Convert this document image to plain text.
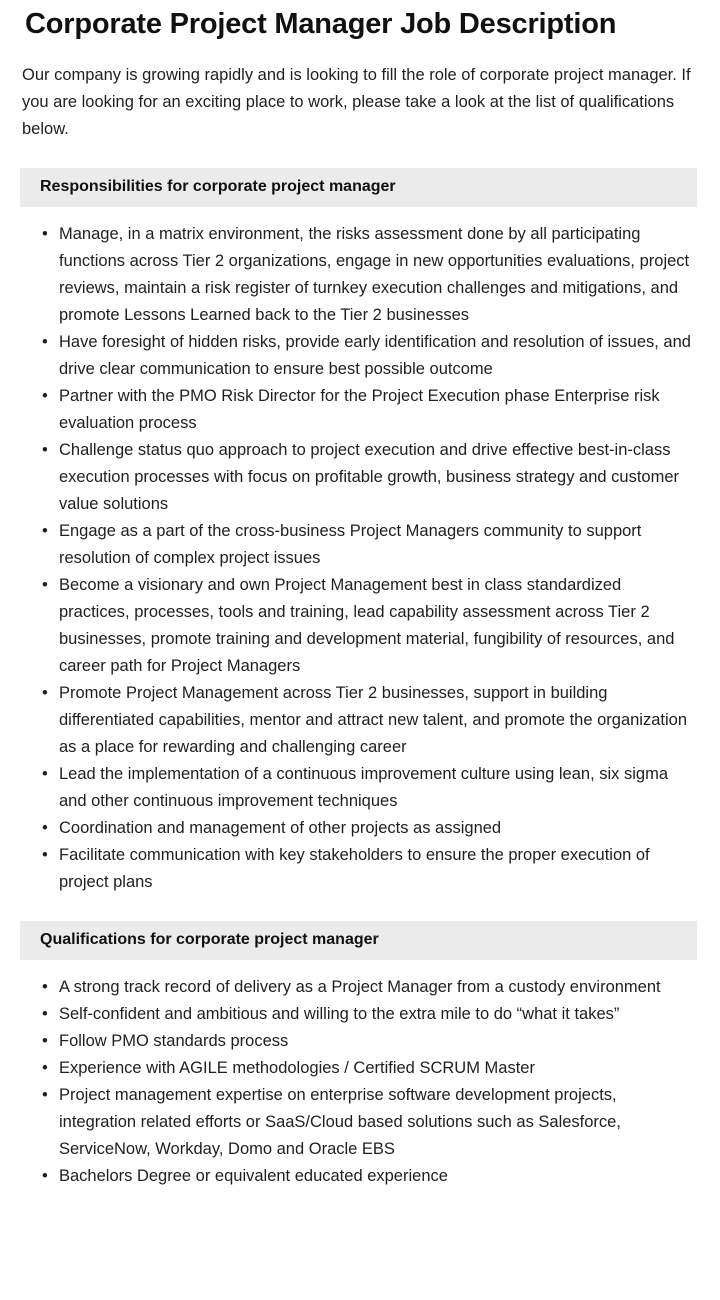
Corporate Project Manager Job Description

Our company is growing rapidly and is looking to fill the role of corporate project manager. If you are looking for an exciting place to work, please take a look at the list of qualifications below.

Responsibilities for corporate project manager
• Manage, in a matrix environment, the risks assessment done by all participating functions across Tier 2 organizations, engage in new opportunities evaluations, project reviews, maintain a risk register of turnkey execution challenges and mitigations, and promote Lessons Learned back to the Tier 2 businesses
• Have foresight of hidden risks, provide early identification and resolution of issues, and drive clear communication to ensure best possible outcome
• Partner with the PMO Risk Director for the Project Execution phase Enterprise risk evaluation process
• Challenge status quo approach to project execution and drive effective best-in-class execution processes with focus on profitable growth, business strategy and customer value solutions
• Engage as a part of the cross-business Project Managers community to support resolution of complex project issues
• Become a visionary and own Project Management best in class standardized practices, processes, tools and training, lead capability assessment across Tier 2 businesses, promote training and development material, fungibility of resources, and career path for Project Managers
• Promote Project Management across Tier 2 businesses, support in building differentiated capabilities, mentor and attract new talent, and promote the organization as a place for rewarding and challenging career
• Lead the implementation of a continuous improvement culture using lean, six sigma and other continuous improvement techniques
• Coordination and management of other projects as assigned
• Facilitate communication with key stakeholders to ensure the proper execution of project plans
Qualifications for corporate project manager
• A strong track record of delivery as a Project Manager from a custody environment
• Self-confident and ambitious and willing to the extra mile to do “what it takes”
• Follow PMO standards process
• Experience with AGILE methodologies / Certified SCRUM Master
• Project management expertise on enterprise software development projects, integration related efforts or SaaS/Cloud based solutions such as Salesforce, ServiceNow, Workday, Domo and Oracle EBS
• Bachelors Degree or equivalent educated experience
